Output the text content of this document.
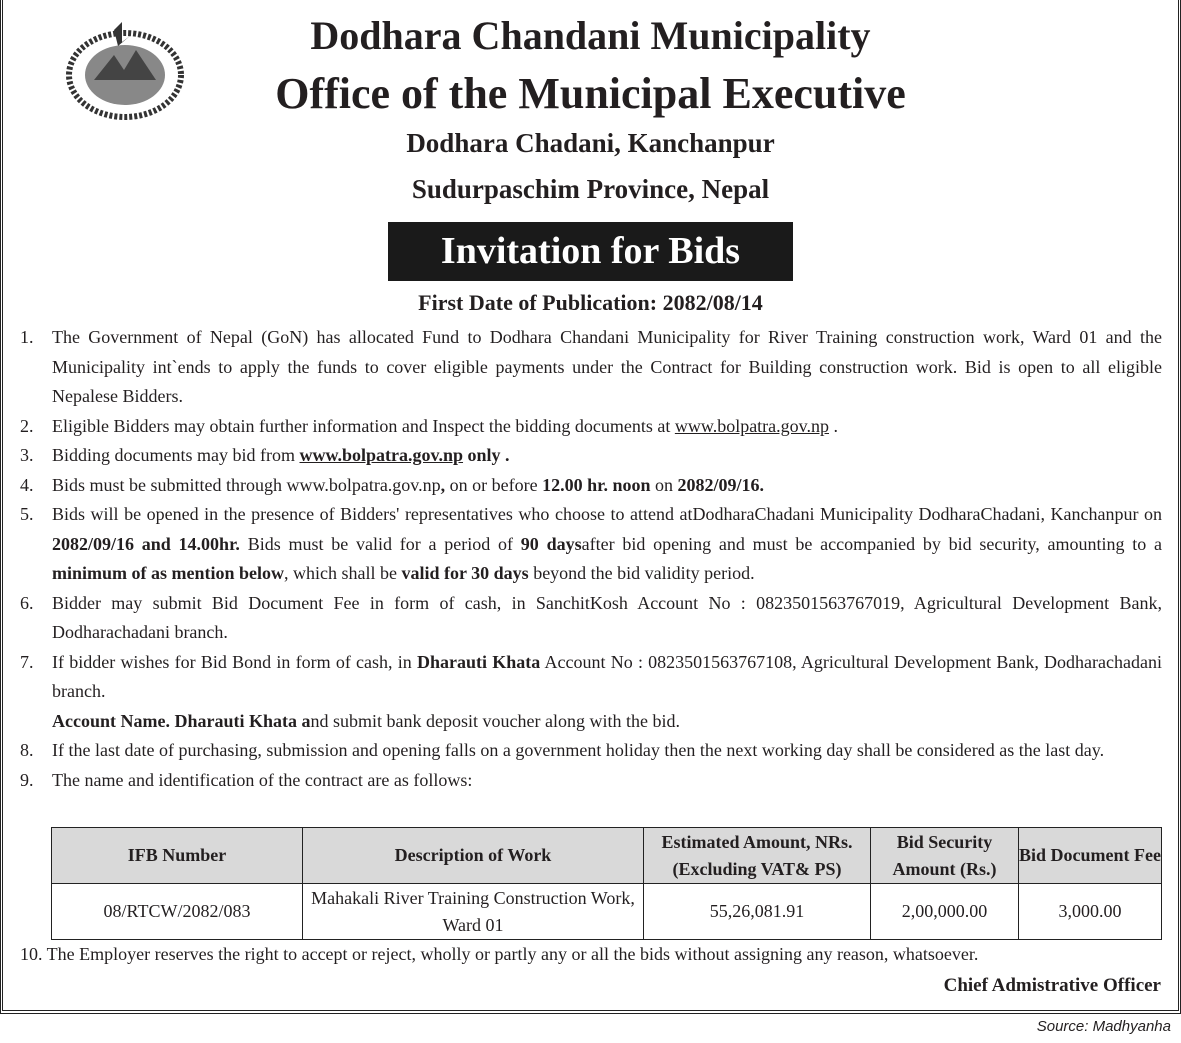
Dodhara Chandani Municipality
Office of the Municipal Executive
Dodhara Chadani, Kanchanpur
Sudurpaschim Province, Nepal
Invitation for Bids
First Date of Publication: 2082/08/14
1.	The Government of Nepal (GoN) has allocated Fund to Dodhara Chandani Municipality for River Training construction work, Ward 01 and the Municipality int`ends to apply the funds to cover eligible payments under the Contract for Building construction work. Bid is open to all eligible Nepalese Bidders.
2.	Eligible Bidders may obtain further information and Inspect the bidding documents at www.bolpatra.gov.np .
3.	Bidding documents may bid from www.bolpatra.gov.np only .
4.	Bids must be submitted through www.bolpatra.gov.np, on or before 12.00 hr. noon on 2082/09/16.
5.	Bids will be opened in the presence of Bidders' representatives who choose to attend atDodharaChadani Municipality DodharaChadani, Kanchanpur on 2082/09/16 and 14.00hr. Bids must be valid for a period of 90 daysafter bid opening and must be accompanied by bid security, amounting to a minimum of as mention below, which shall be valid for 30 days beyond the bid validity period.
6.	Bidder may submit Bid Document Fee in form of cash, in SanchitKosh Account No : 0823501563767019, Agricultural Development Bank, Dodharachadani branch.
7.	If bidder wishes for Bid Bond in form of cash, in Dharauti Khata Account No : 0823501563767108, Agricultural Development Bank, Dodharachadani branch.
Account Name. Dharauti Khata and submit bank deposit voucher along with the bid.
8.	If the last date of purchasing, submission and opening falls on a government holiday then the next working day shall be considered as the last day.
9.	The name and identification of the contract are as follows:
IFB Number	Description of Work	Estimated Amount, NRs. (Excluding VAT& PS)	Bid Security Amount (Rs.)	Bid Document Fee
08/RTCW/2082/083	Mahakali River Training Construction Work, Ward 01	55,26,081.91	2,00,000.00	3,000.00
10. The Employer reserves the right to accept or reject, wholly or partly any or all the bids without assigning any reason, whatsoever.
Chief Admistrative Officer
Source: Madhyanha
